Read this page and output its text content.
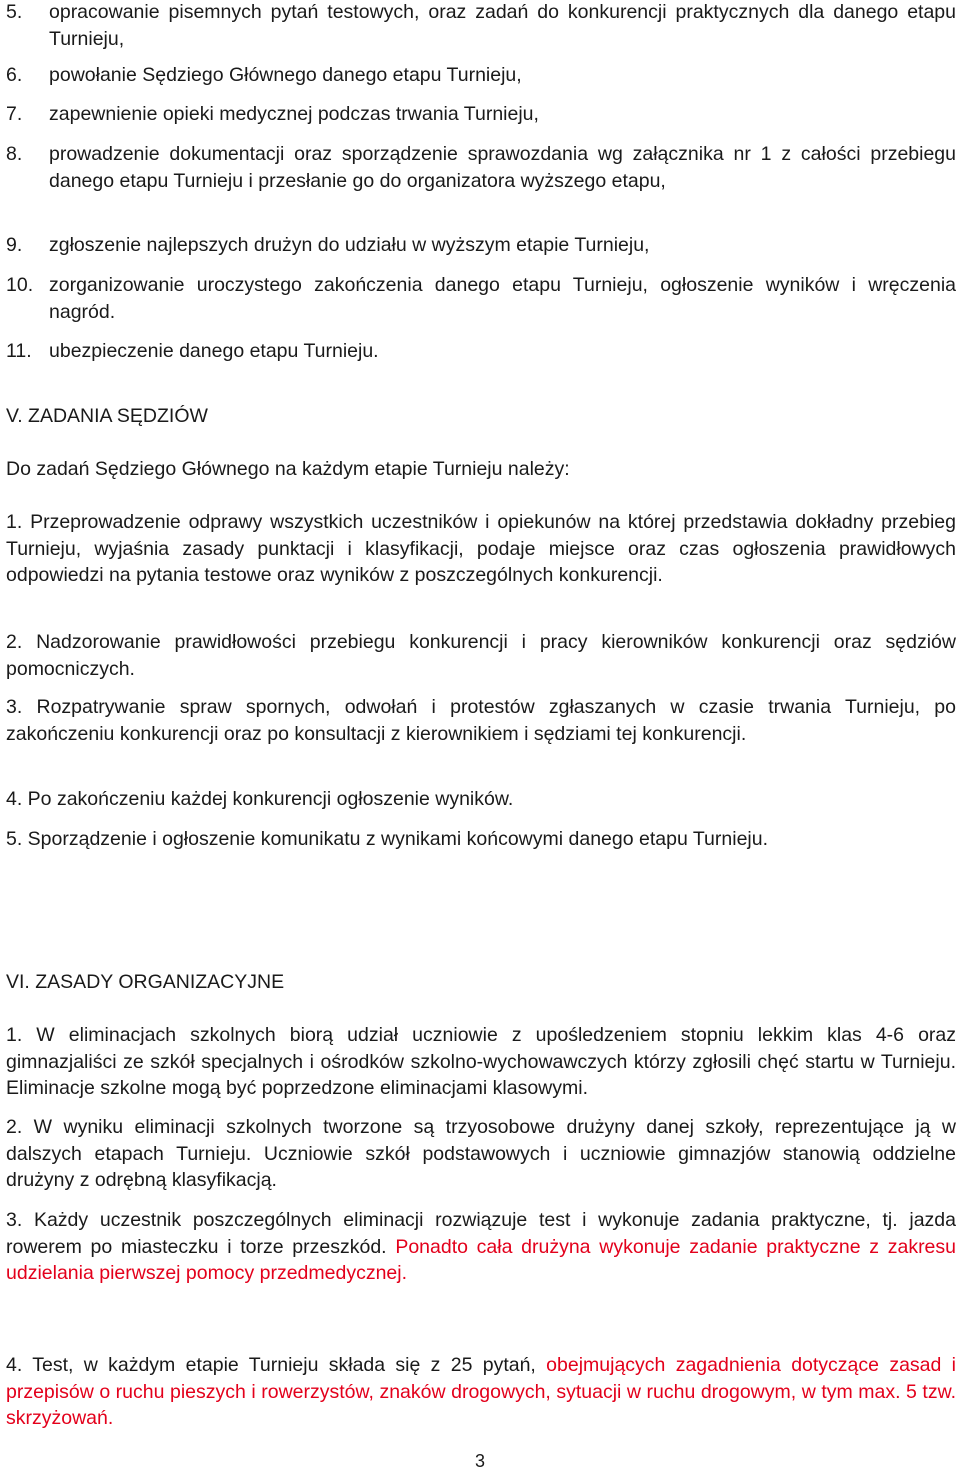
5. opracowanie pisemnych pytań testowych, oraz zadań do konkurencji praktycznych dla danego etapu Turnieju,
6. powołanie Sędziego Głównego danego etapu Turnieju,
7. zapewnienie opieki medycznej podczas trwania Turnieju,
8. prowadzenie dokumentacji oraz sporządzenie sprawozdania wg załącznika nr 1 z całości przebiegu danego etapu Turnieju i przesłanie go do organizatora wyższego etapu,
9. zgłoszenie najlepszych drużyn do udziału w wyższym etapie Turnieju,
10. zorganizowanie uroczystego zakończenia danego etapu Turnieju, ogłoszenie wyników i wręczenia nagród.
11. ubezpieczenie danego etapu Turnieju.
V. ZADANIA SĘDZIÓW
Do zadań Sędziego Głównego na każdym etapie Turnieju należy:
1. Przeprowadzenie odprawy wszystkich uczestników i opiekunów na której przedstawia dokładny przebieg Turnieju, wyjaśnia zasady punktacji i klasyfikacji, podaje miejsce oraz czas ogłoszenia prawidłowych odpowiedzi na pytania testowe oraz wyników z poszczególnych konkurencji.
2. Nadzorowanie prawidłowości przebiegu konkurencji i pracy kierowników konkurencji oraz sędziów pomocniczych.
3. Rozpatrywanie spraw spornych, odwołań i protestów zgłaszanych w czasie trwania Turnieju, po zakończeniu konkurencji oraz po konsultacji z kierownikiem i sędziami tej konkurencji.
4. Po zakończeniu każdej konkurencji ogłoszenie wyników.
5. Sporządzenie i ogłoszenie komunikatu z wynikami końcowymi danego etapu Turnieju.
VI. ZASADY ORGANIZACYJNE
1. W eliminacjach szkolnych biorą udział uczniowie z upośledzeniem stopniu lekkim klas 4-6 oraz gimnazjaliści ze szkół specjalnych i ośrodków szkolno-wychowawczych którzy zgłosili chęć startu w Turnieju. Eliminacje szkolne mogą być poprzedzone eliminacjami klasowymi.
2. W wyniku eliminacji szkolnych tworzone są trzyosobowe drużyny danej szkoły, reprezentujące ją w dalszych etapach Turnieju. Uczniowie szkół podstawowych i uczniowie gimnazjów stanowią oddzielne drużyny z odrębną klasyfikacją.
3. Każdy uczestnik poszczególnych eliminacji rozwiązuje test i wykonuje zadania praktyczne, tj. jazda rowerem po miasteczku i torze przeszkód. Ponadto cała drużyna wykonuje zadanie praktyczne z zakresu udzielania pierwszej pomocy przedmedycznej.
4. Test, w każdym etapie Turnieju składa się z 25 pytań, obejmujących zagadnienia dotyczące zasad i przepisów o ruchu pieszych i rowerzystów, znaków drogowych, sytuacji w ruchu drogowym, w tym max. 5 tzw. skrzyżowań.
3
